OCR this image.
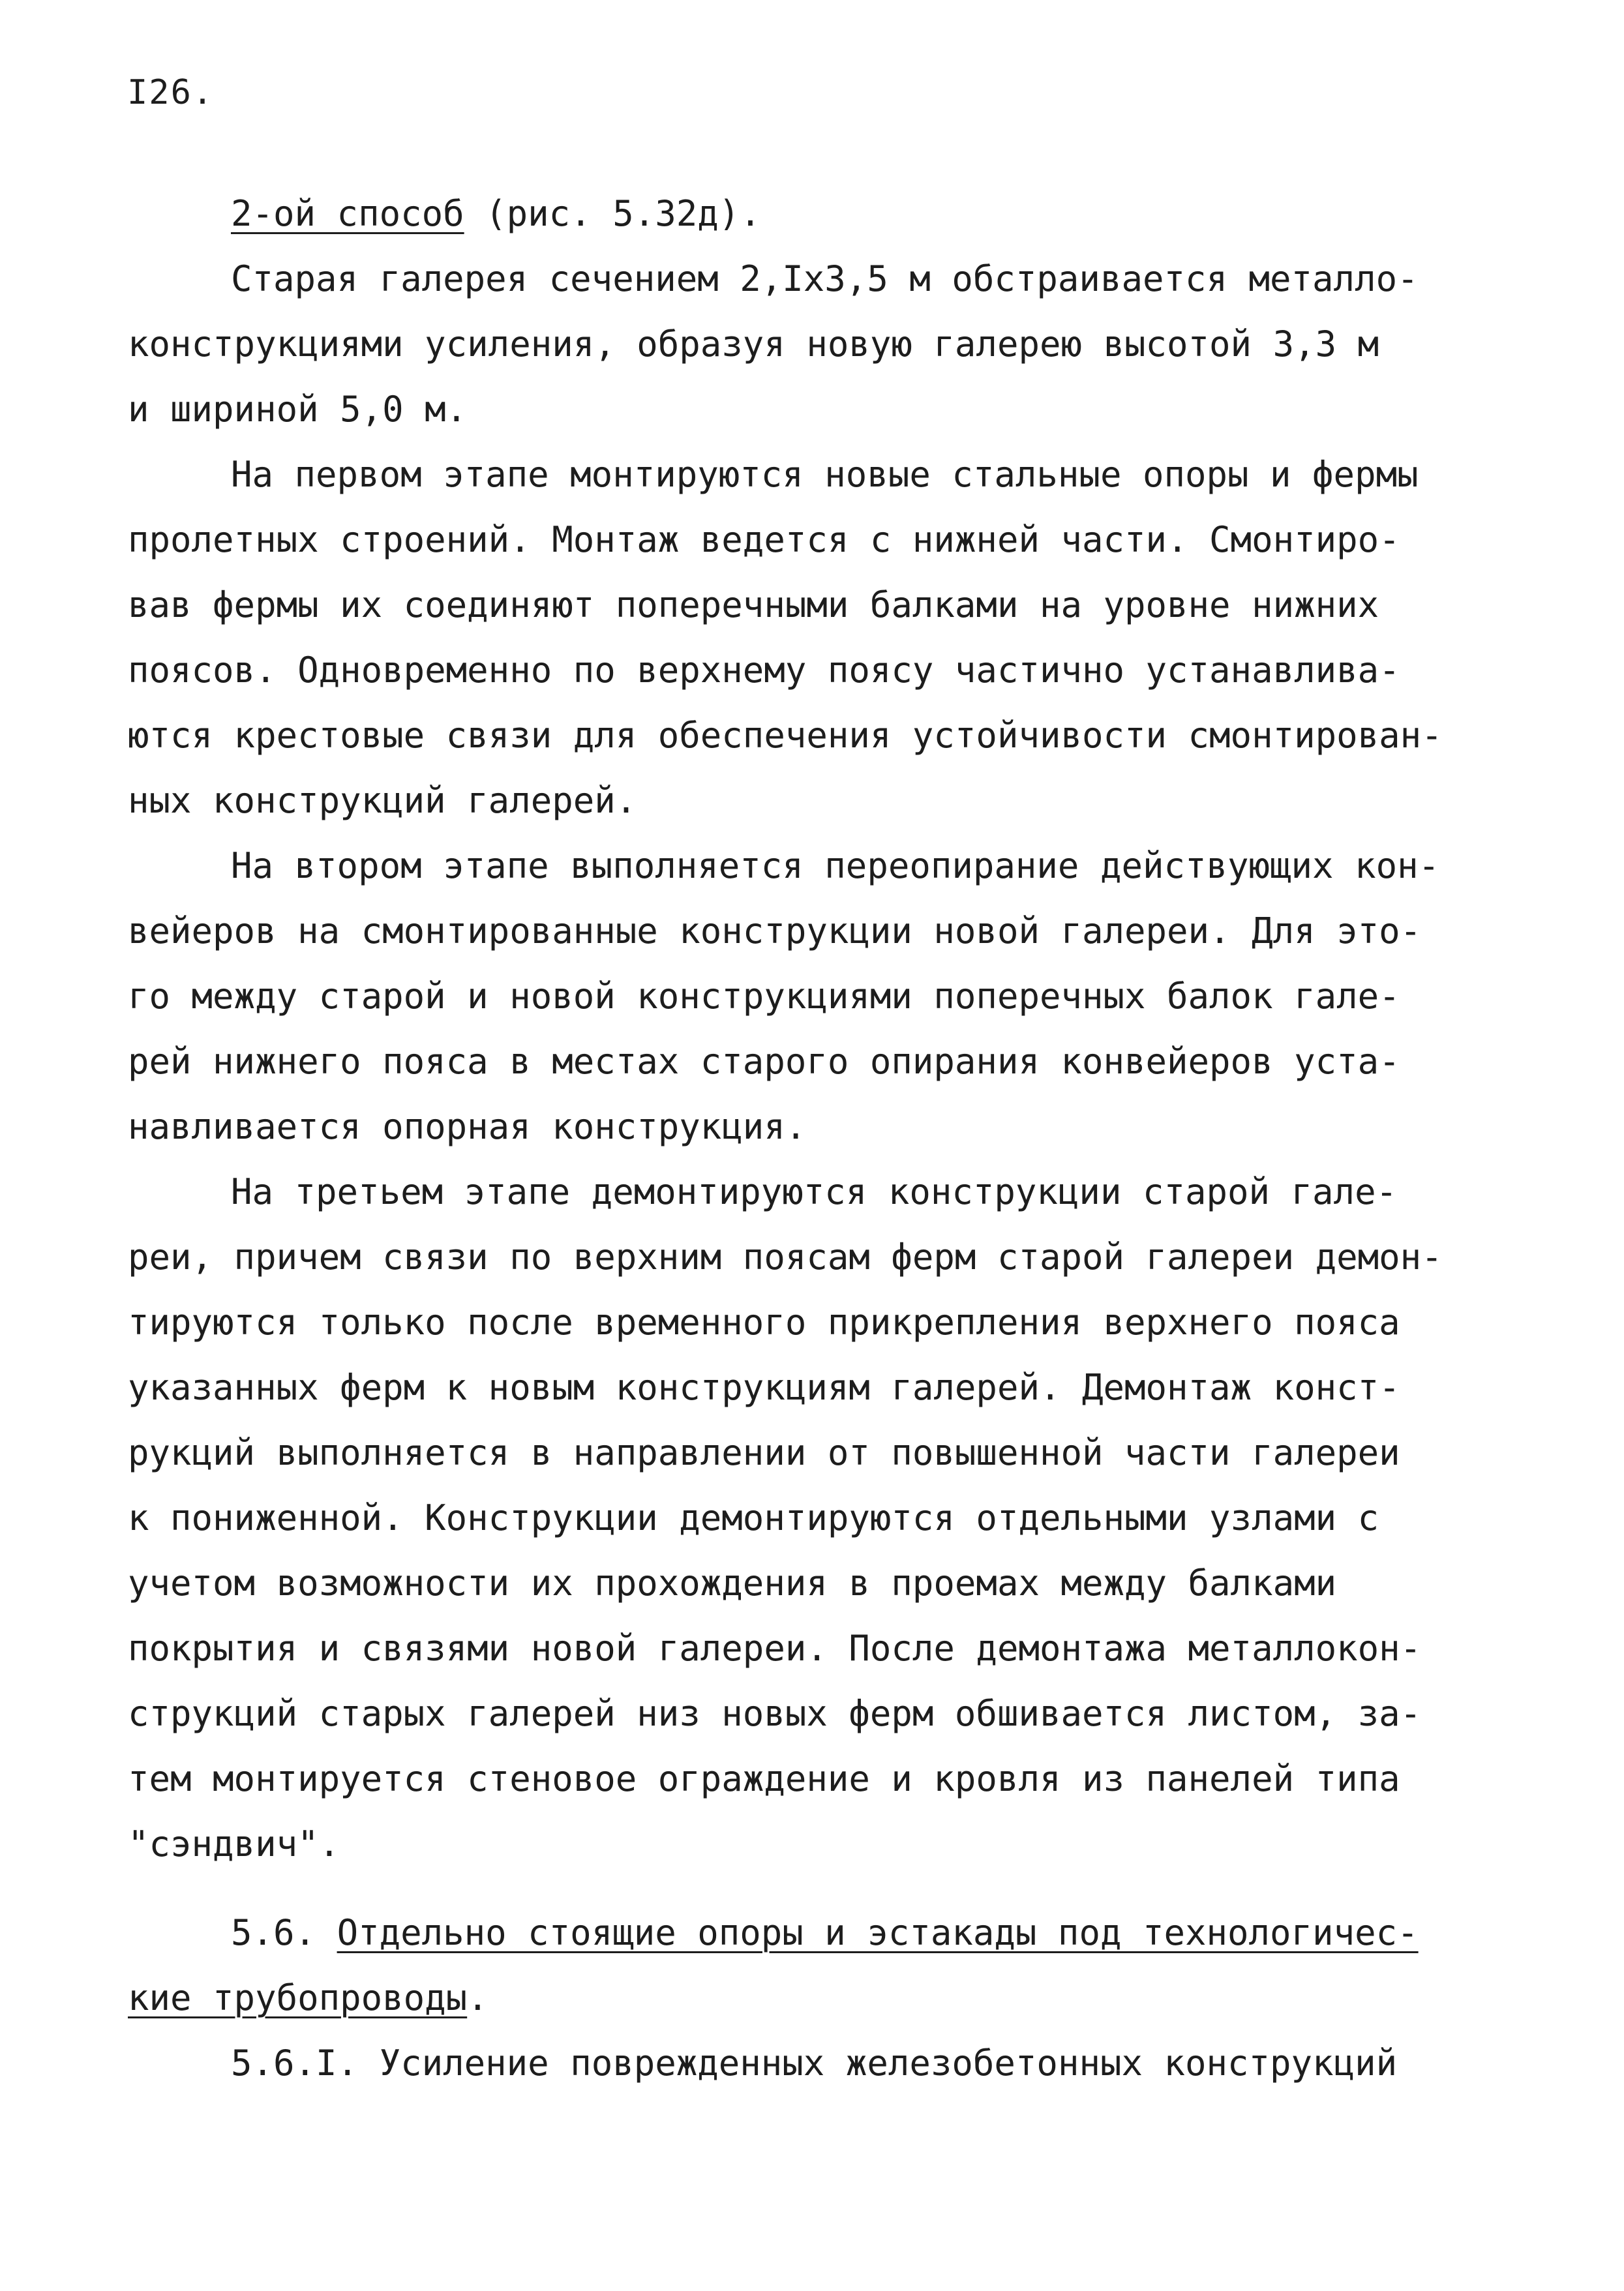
I26.
2-ой способ (рис. 5.32д).
Старая галерея сечением 2,Iх3,5 м обстраивается металло-
конструкциями усиления, образуя новую галерею высотой 3,3 м
и шириной 5,0 м.
На первом этапе монтируются новые стальные опоры и фермы
пролетных строений. Монтаж ведется с нижней части. Смонтиро-
вав фермы их соединяют поперечными балками на уровне нижних
поясов. Одновременно по верхнему поясу частично устанавлива-
ются крестовые связи для обеспечения устойчивости смонтирован-
ных конструкций галерей.
На втором этапе выполняется переопирание действующих кон-
вейеров на смонтированные конструкции новой галереи. Для это-
го между старой и новой конструкциями поперечных балок гале-
рей нижнего пояса в местах старого опирания конвейеров уста-
навливается опорная конструкция.
На третьем этапе демонтируются конструкции старой гале-
реи, причем связи по верхним поясам ферм старой галереи демон-
тируются только после временного прикрепления верхнего пояса
указанных ферм к новым конструкциям галерей. Демонтаж конст-
рукций выполняется в направлении от повышенной части галереи
к пониженной. Конструкции демонтируются отдельными узлами с
учетом возможности их прохождения в проемах между балками
покрытия и связями новой галереи. После демонтажа металлокон-
струкций старых галерей низ новых ферм обшивается листом, за-
тем монтируется стеновое ограждение и кровля из панелей типа
"сэндвич".
5.6. Отдельно стоящие опоры и эстакады под технологичес-
кие трубопроводы.
5.6.I. Усиление поврежденных железобетонных конструкций
